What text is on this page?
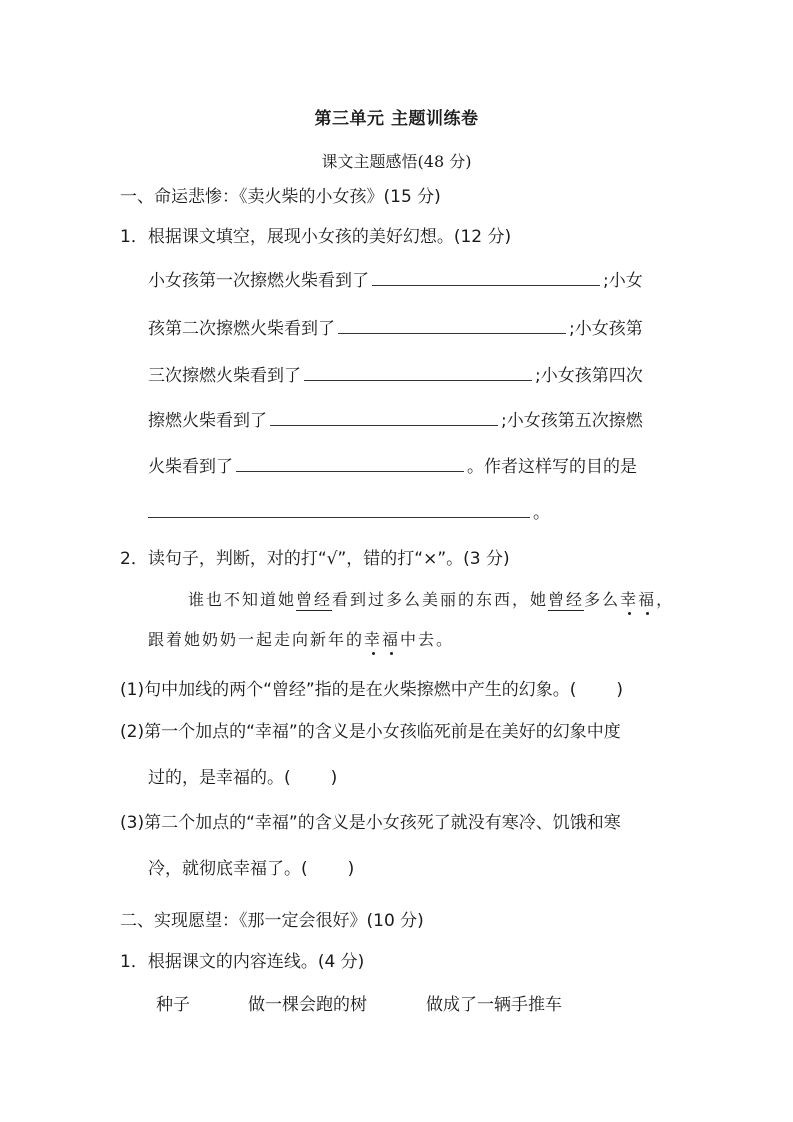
第三单元 主题训练卷
课文主题感悟(48 分)
一、命运悲惨：《卖火柴的小女孩》(15 分)
1．根据课文填空，展现小女孩的美好幻想。(12 分)
小女孩第一次擦燃火柴看到了	;小女
孩第二次擦燃火柴看到了	;小女孩第
三次擦燃火柴看到了	;小女孩第四次
擦燃火柴看到了	;小女孩第五次擦燃
火柴看到了	。作者这样写的目的是
。
2．读句子，判断，对的打“√”，错的打“×”。(3 分)
谁也不知道她曾经看到过多么美丽的东西，她曾经多么幸福，
跟着她奶奶一起走向新年的幸福中去。
(1)句中加线的两个“曾经”指的是在火柴擦燃中产生的幻象。( )
(2)第一个加点的“幸福”的含义是小女孩临死前是在美好的幻象中度
过的，是幸福的。( )
(3)第二个加点的“幸福”的含义是小女孩死了就没有寒冷、饥饿和寒
冷，就彻底幸福了。( )
二、实现愿望：《那一定会很好》(10 分)
1．根据课文的内容连线。(4 分)
种子	做一棵会跑的树	做成了一辆手推车
